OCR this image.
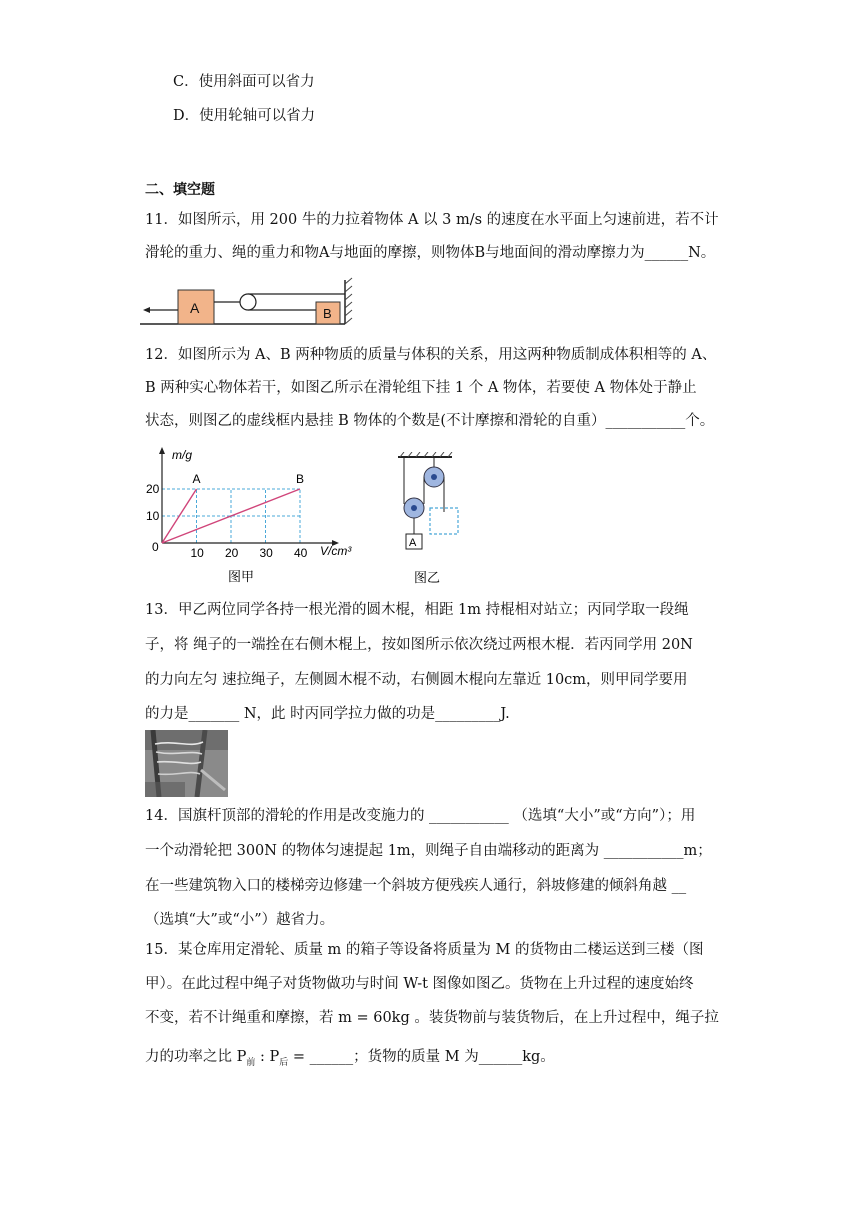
C．使用斜面可以省力
D．使用轮轴可以省力
二、填空题
11．如图所示，用 200 牛的力拉着物体 A 以 3 m/s 的速度在水平面上匀速前进，若不计
滑轮的重力、绳的重力和物A与地面的摩擦，则物体B与地面间的滑动摩擦力为______N。
A	B
12．如图所示为 A、B 两种物质的质量与体积的关系，用这两种物质制成体积相等的 A、
B 两种实心物体若干，如图乙所示在滑轮组下挂 1 个 A 物体，若要使 A 物体处于静止
状态，则图乙的虚线框内悬挂 B 物体的个数是(不计摩擦和滑轮的自重）___________个。
A	B
10 20 30 40
10
20
m/g
V/cm³
0
图甲
A
图乙
13．甲乙两位同学各持一根光滑的圆木棍，相距 1m 持棍相对站立；丙同学取一段绳
子，将 绳子的一端拴在右侧木棍上，按如图所示依次绕过两根木棍．若丙同学用 20N
的力向左匀 速拉绳子，左侧圆木棍不动，右侧圆木棍向左靠近 10cm，则甲同学要用
的力是_______ N，此 时丙同学拉力做的功是_________J.
14．国旗杆顶部的滑轮的作用是改变施力的 ___________ （选填“大小”或“方向”）；用
一个动滑轮把 300N 的物体匀速提起 1m，则绳子自由端移动的距离为 ___________m；
在一些建筑物入口的楼梯旁边修建一个斜坡方便残疾人通行，斜坡修建的倾斜角越 __
（选填“大”或“小”）越省力。
15．某仓库用定滑轮、质量 m 的箱子等设备将质量为 M 的货物由二楼运送到三楼（图
甲）。在此过程中绳子对货物做功与时间 W-t 图像如图乙。货物在上升过程的速度始终
不变，若不计绳重和摩擦，若 m = 60kg 。装货物前与装货物后，在上升过程中，绳子拉
力的功率之比 $P_前$ : $P_后$ = ______；货物的质量 M 为______kg。
